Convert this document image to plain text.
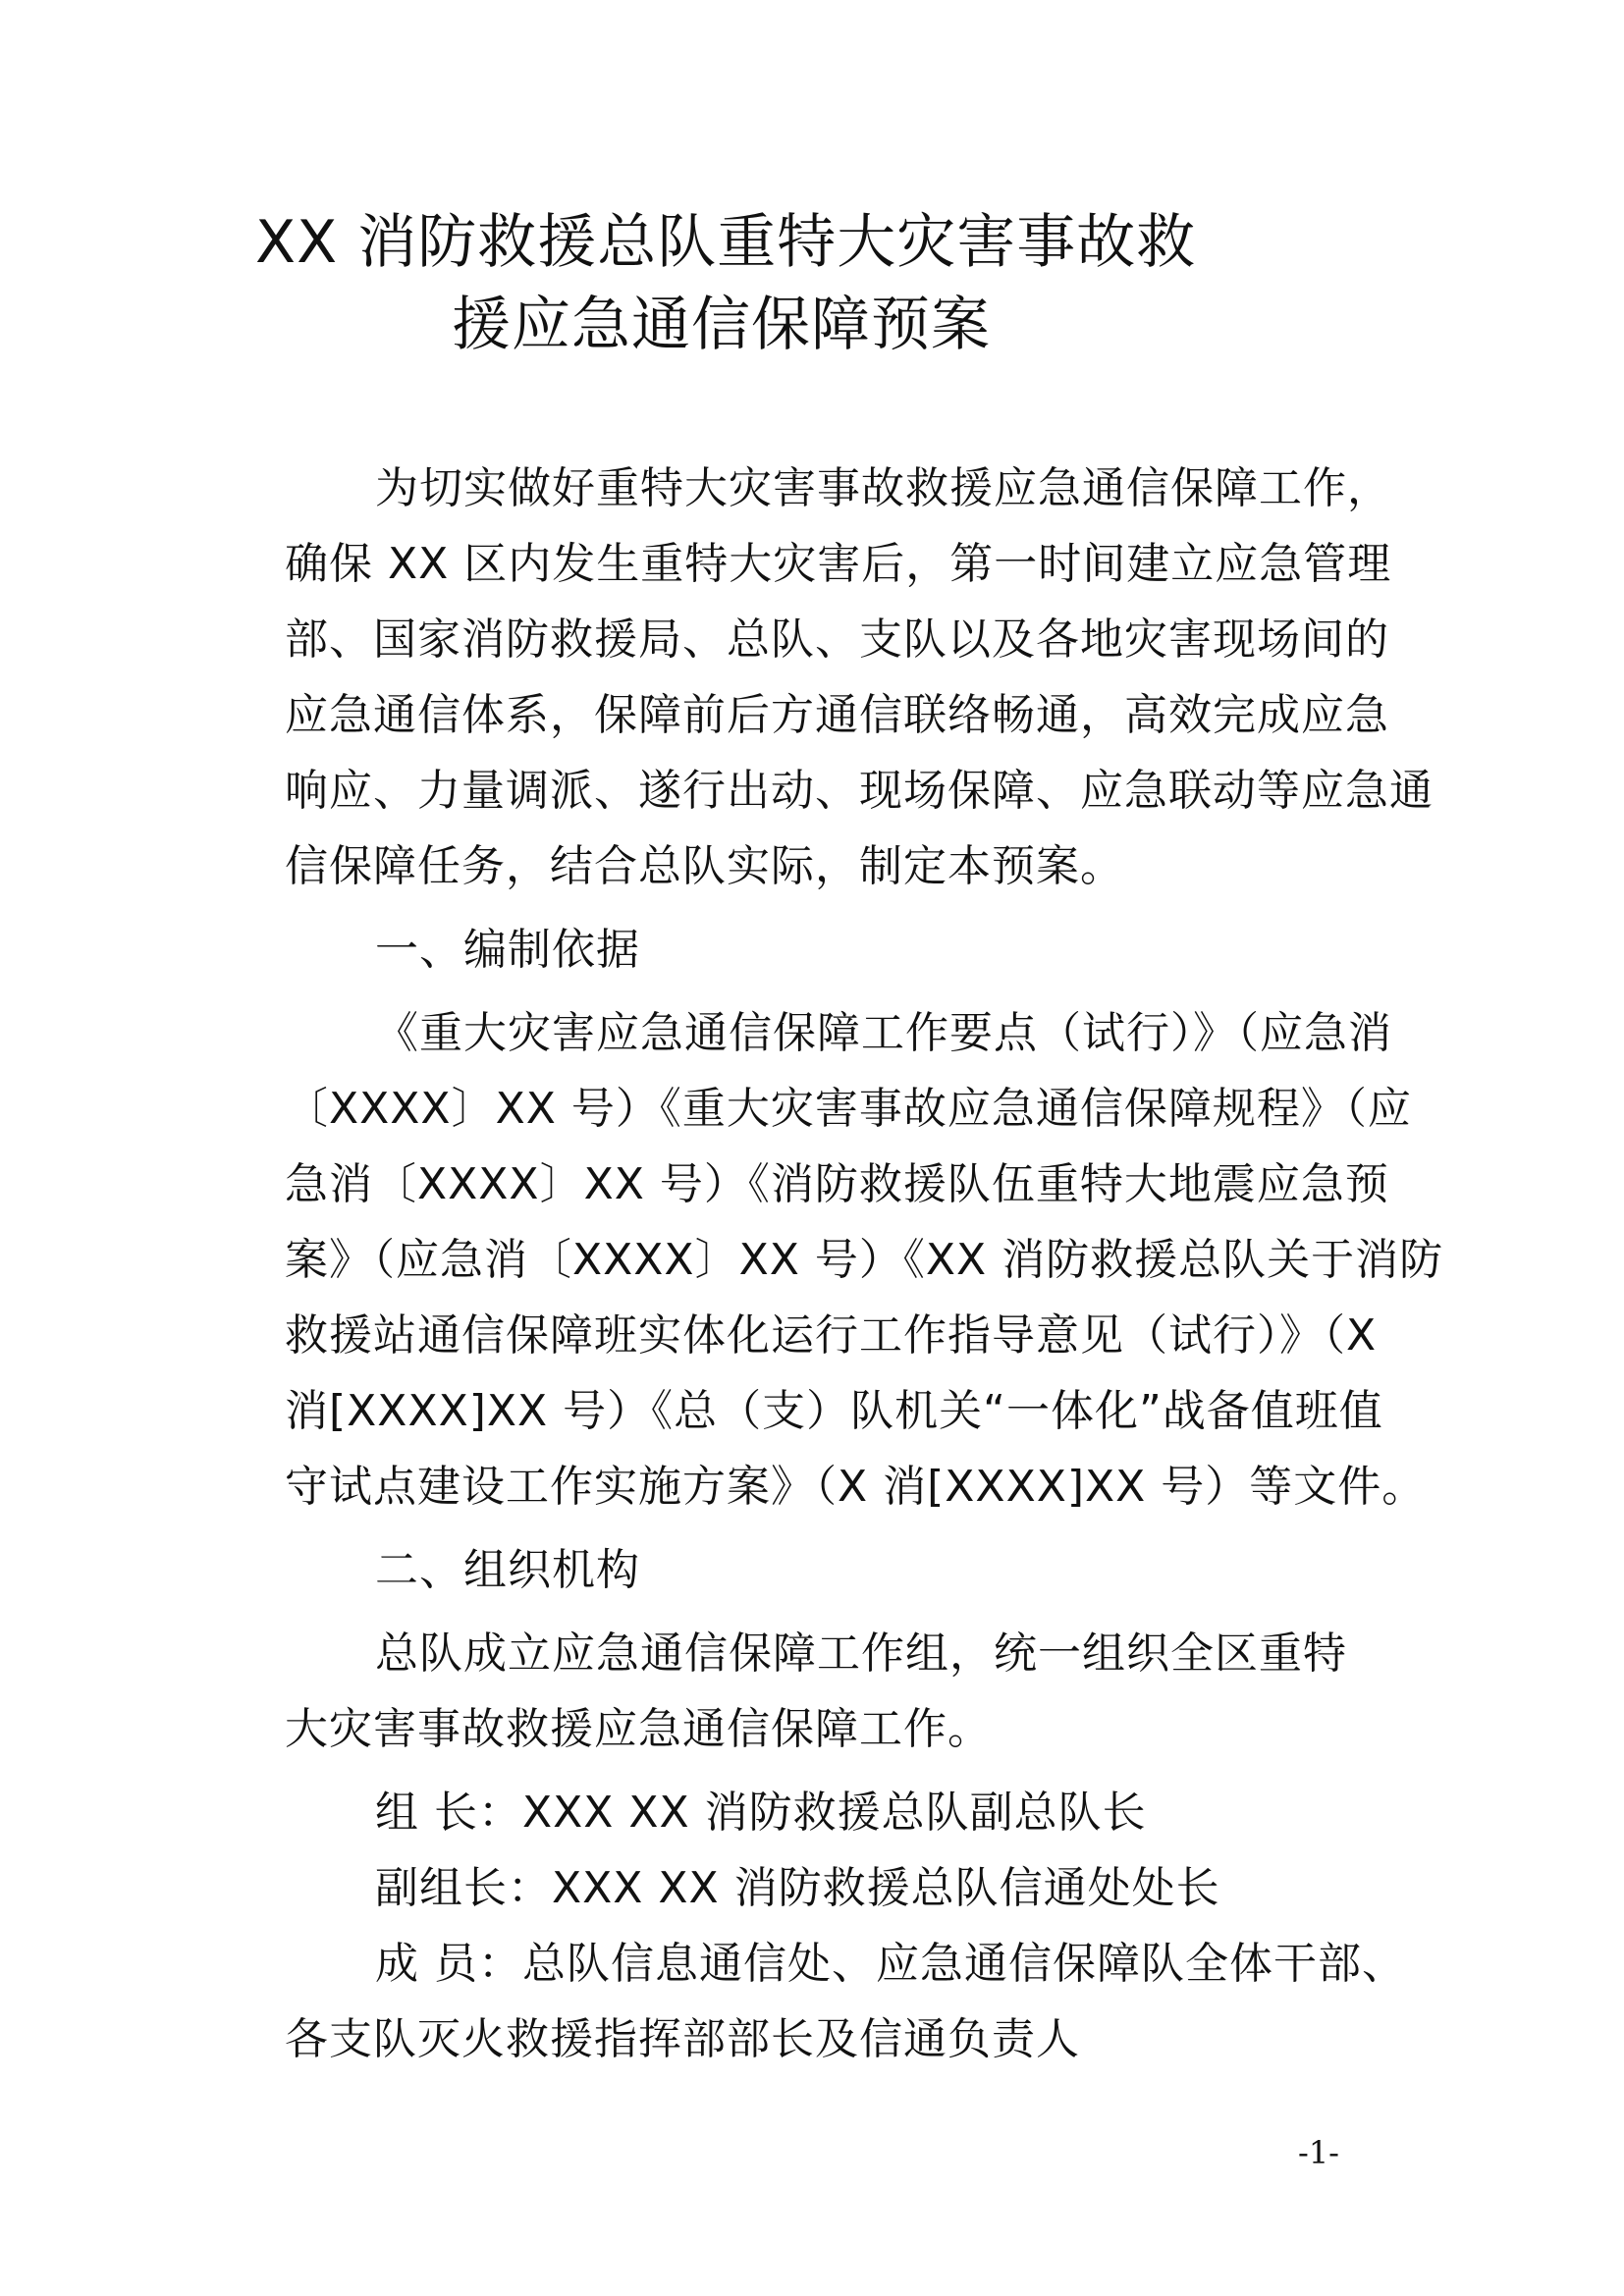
XX 消防救援总队重特大灾害事故救
援应急通信保障预案
为切实做好重特大灾害事故救援应急通信保障工作，
确保 XX 区内发生重特大灾害后，第一时间建立应急管理
部、国家消防救援局、总队、支队以及各地灾害现场间的
应急通信体系，保障前后方通信联络畅通，高效完成应急
响应、力量调派、遂行出动、现场保障、应急联动等应急通
信保障任务，结合总队实际，制定本预案。
一、编制依据
《重大灾害应急通信保障工作要点（试行）》（应急消
〔XXXX〕XX 号）《重大灾害事故应急通信保障规程》（应
急消〔XXXX〕XX 号）《消防救援队伍重特大地震应急预
案》（应急消〔XXXX〕XX 号）《XX 消防救援总队关于消防
救援站通信保障班实体化运行工作指导意见（试行）》（X
消[XXXX]XX 号）《总（支）队机关“一体化”战备值班值
守试点建设工作实施方案》（X 消[XXXX]XX 号）等文件。
二、组织机构
总队成立应急通信保障工作组，统一组织全区重特
大灾害事故救援应急通信保障工作。
组 长：XXX XX 消防救援总队副总队长
副组长：XXX XX 消防救援总队信通处处长
成 员：总队信息通信处、应急通信保障队全体干部、
各支队灭火救援指挥部部长及信通负责人
-1-
